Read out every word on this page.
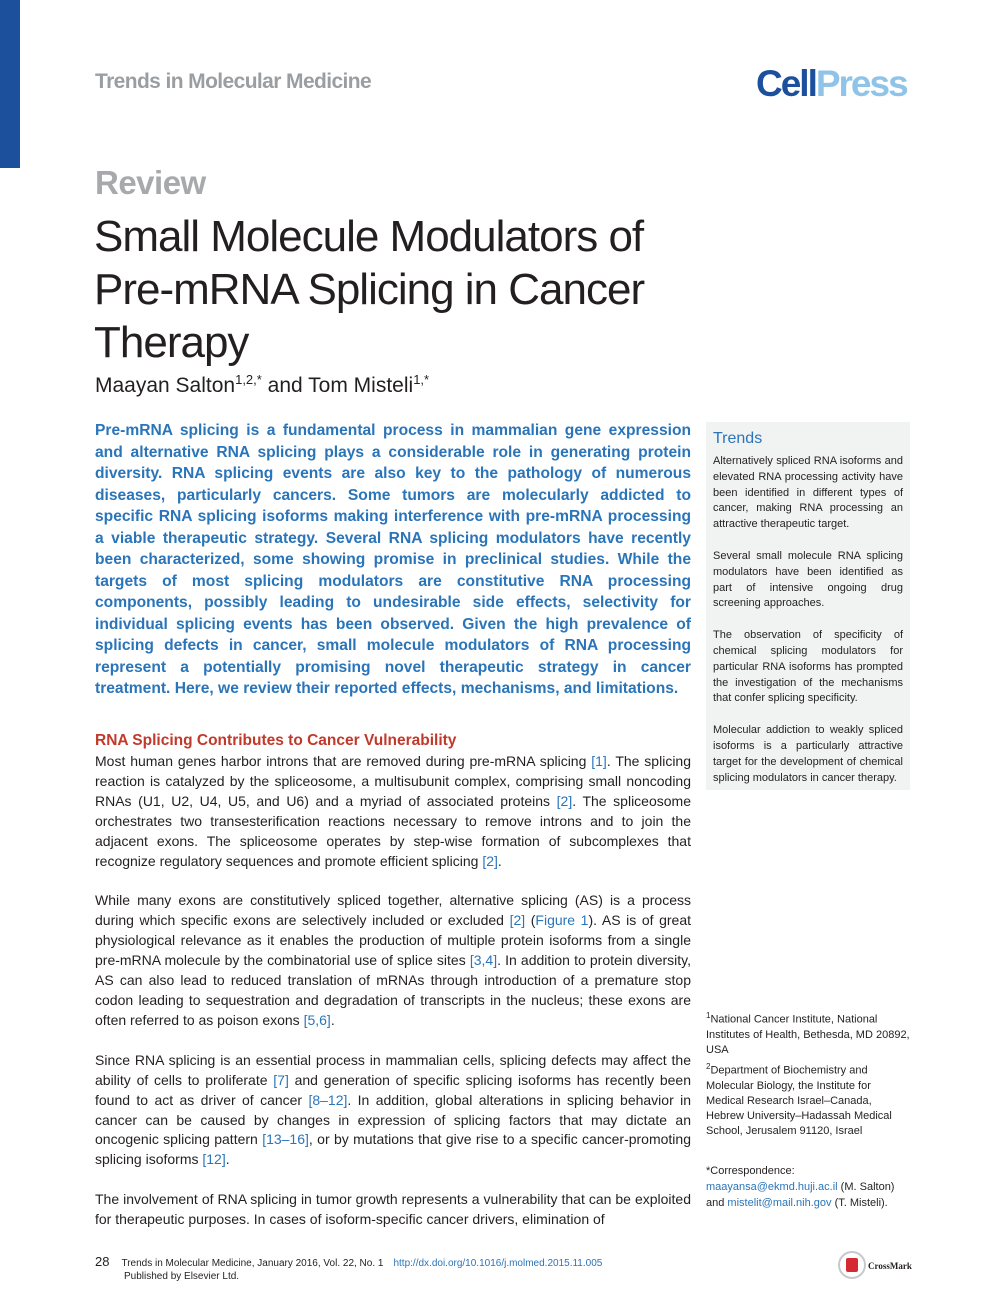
Trends in Molecular Medicine	CellPress
Review
Small Molecule Modulators of Pre-mRNA Splicing in Cancer Therapy
Maayan Salton$^{1,2,*}$ and Tom Misteli$^{1,*}$

Pre-mRNA splicing is a fundamental process in mammalian gene expression and alternative RNA splicing plays a considerable role in generating protein diversity. RNA splicing events are also key to the pathology of numerous diseases, particularly cancers. Some tumors are molecularly addicted to specific RNA splicing isoforms making interference with pre-mRNA processing a viable therapeutic strategy. Several RNA splicing modulators have recently been characterized, some showing promise in preclinical studies. While the targets of most splicing modulators are constitutive RNA processing components, possibly leading to undesirable side effects, selectivity for individual splicing events has been observed. Given the high prevalence of splicing defects in cancer, small molecule modulators of RNA processing represent a potentially promising novel therapeutic strategy in cancer treatment. Here, we review their reported effects, mechanisms, and limitations.

RNA Splicing Contributes to Cancer Vulnerability

Most human genes harbor introns that are removed during pre-mRNA splicing [1]. The splicing reaction is catalyzed by the spliceosome, a multisubunit complex, comprising small noncoding RNAs (U1, U2, U4, U5, and U6) and a myriad of associated proteins [2]. The spliceosome orchestrates two transesterification reactions necessary to remove introns and to join the adjacent exons. The spliceosome operates by step-wise formation of subcomplexes that recognize regulatory sequences and promote efficient splicing [2].

While many exons are constitutively spliced together, alternative splicing (AS) is a process during which specific exons are selectively included or excluded [2] (Figure 1). AS is of great physiological relevance as it enables the production of multiple protein isoforms from a single pre-mRNA molecule by the combinatorial use of splice sites [3,4]. In addition to protein diversity, AS can also lead to reduced translation of mRNAs through introduction of a premature stop codon leading to sequestration and degradation of transcripts in the nucleus; these exons are often referred to as poison exons [5,6].

Since RNA splicing is an essential process in mammalian cells, splicing defects may affect the ability of cells to proliferate [7] and generation of specific splicing isoforms has recently been found to act as driver of cancer [8–12]. In addition, global alterations in splicing behavior in cancer can be caused by changes in expression of splicing factors that may dictate an oncogenic splicing pattern [13–16], or by mutations that give rise to a specific cancer-promoting splicing isoforms [12].

The involvement of RNA splicing in tumor growth represents a vulnerability that can be exploited for therapeutic purposes. In cases of isoform-specific cancer drivers, elimination of

Trends

Alternatively spliced RNA isoforms and elevated RNA processing activity have been identified in different types of cancer, making RNA processing an attractive therapeutic target.

Several small molecule RNA splicing modulators have been identified as part of intensive ongoing drug screening approaches.

The observation of specificity of chemical splicing modulators for particular RNA isoforms has prompted the investigation of the mechanisms that confer splicing specificity.

Molecular addiction to weakly spliced isoforms is a particularly attractive target for the development of chemical splicing modulators in cancer therapy.

$^1$National Cancer Institute, National Institutes of Health, Bethesda, MD 20892, USA
$^2$Department of Biochemistry and Molecular Biology, the Institute for Medical Research Israel–Canada, Hebrew University–Hadassah Medical School, Jerusalem 91120, Israel
*Correspondence:
maayansa@ekmd.huji.ac.il (M. Salton)
and mistelit@mail.nih.gov (T. Misteli).
28 Trends in Molecular Medicine, January 2016, Vol. 22, No. 1 http://dx.doi.org/10.1016/j.molmed.2015.11.005
Published by Elsevier Ltd.
CrossMark
